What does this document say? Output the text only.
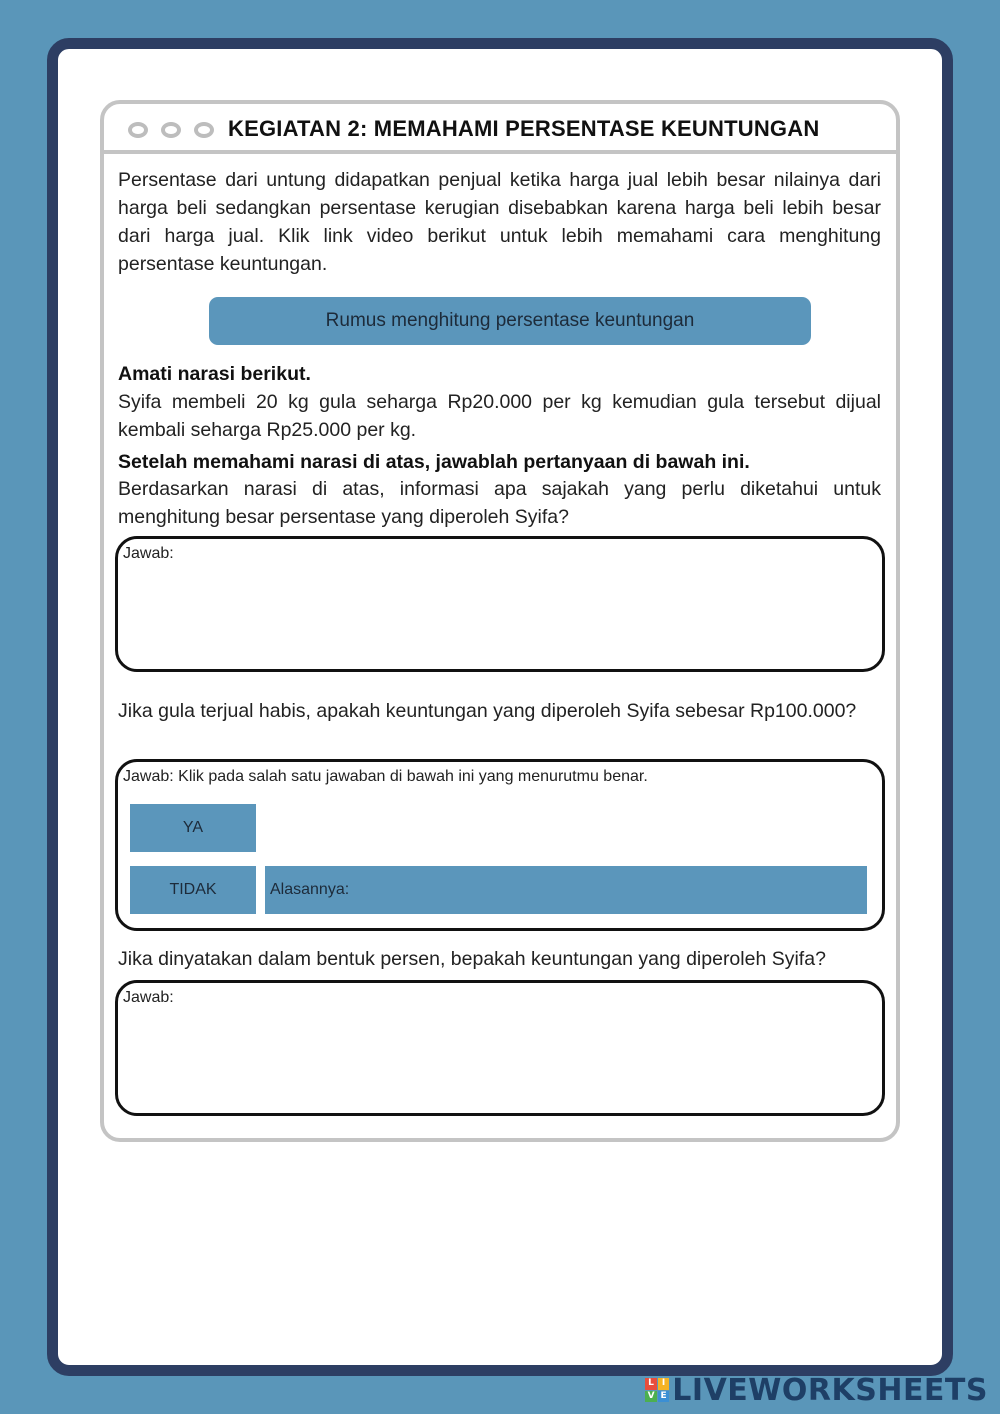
KEGIATAN 2: MEMAHAMI PERSENTASE KEUNTUNGAN
Persentase dari untung didapatkan penjual ketika harga jual lebih besar nilainya dari harga beli sedangkan persentase kerugian disebabkan karena harga beli lebih besar dari harga jual. Klik link video berikut untuk lebih memahami cara menghitung persentase keuntungan.
Rumus menghitung persentase keuntungan
Amati narasi berikut.
Syifa membeli 20 kg gula seharga Rp20.000 per kg kemudian gula tersebut dijual kembali seharga Rp25.000 per kg.
Setelah memahami narasi di atas, jawablah pertanyaan di bawah ini.
Berdasarkan narasi di atas, informasi apa sajakah yang perlu diketahui untuk menghitung besar persentase yang diperoleh Syifa?
Jawab:
Jika gula terjual habis, apakah keuntungan yang diperoleh Syifa sebesar Rp100.000?
Jawab: Klik pada salah satu jawaban di bawah ini yang menurutmu benar.
YA
TIDAK	Alasannya:
Jika dinyatakan dalam bentuk persen, bepakah keuntungan yang diperoleh Syifa?
Jawab:
L I
V E LIVEWORKSHEETS
